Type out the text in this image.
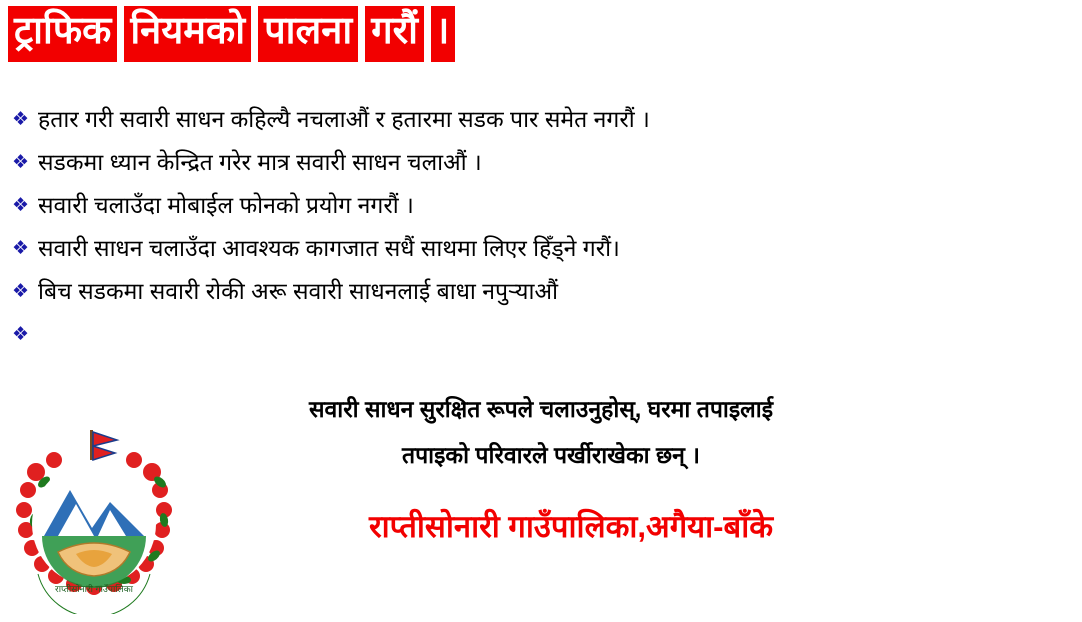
ट्राफिक नियमको पालना गरौं ।
❖ हतार गरी सवारी साधन कहिल्यै नचलाऔं र हतारमा सडक पार समेत नगरौं ।
❖ सडकमा ध्यान केन्द्रित गरेर मात्र सवारी साधन चलाऔं ।
❖ सवारी चलाउँदा मोबाईल फोनको प्रयोग नगरौं ।
❖ सवारी साधन चलाउँदा आवश्यक कागजात सधैं साथमा लिएर हिँड्ने गरौं।
❖ बिच सडकमा सवारी रोकी अरू सवारी साधनलाई बाधा नपुर्‍याऔं
❖
सवारी साधन सुरक्षित रूपले चलाउनुहोस्, घरमा तपाइलाई
तपाइको परिवारले पर्खीराखेका छन् ।
राप्तीसोनारी गाउँपालिका,अगैया-बाँके
राप्तीसोनारी गाउँपालिका
